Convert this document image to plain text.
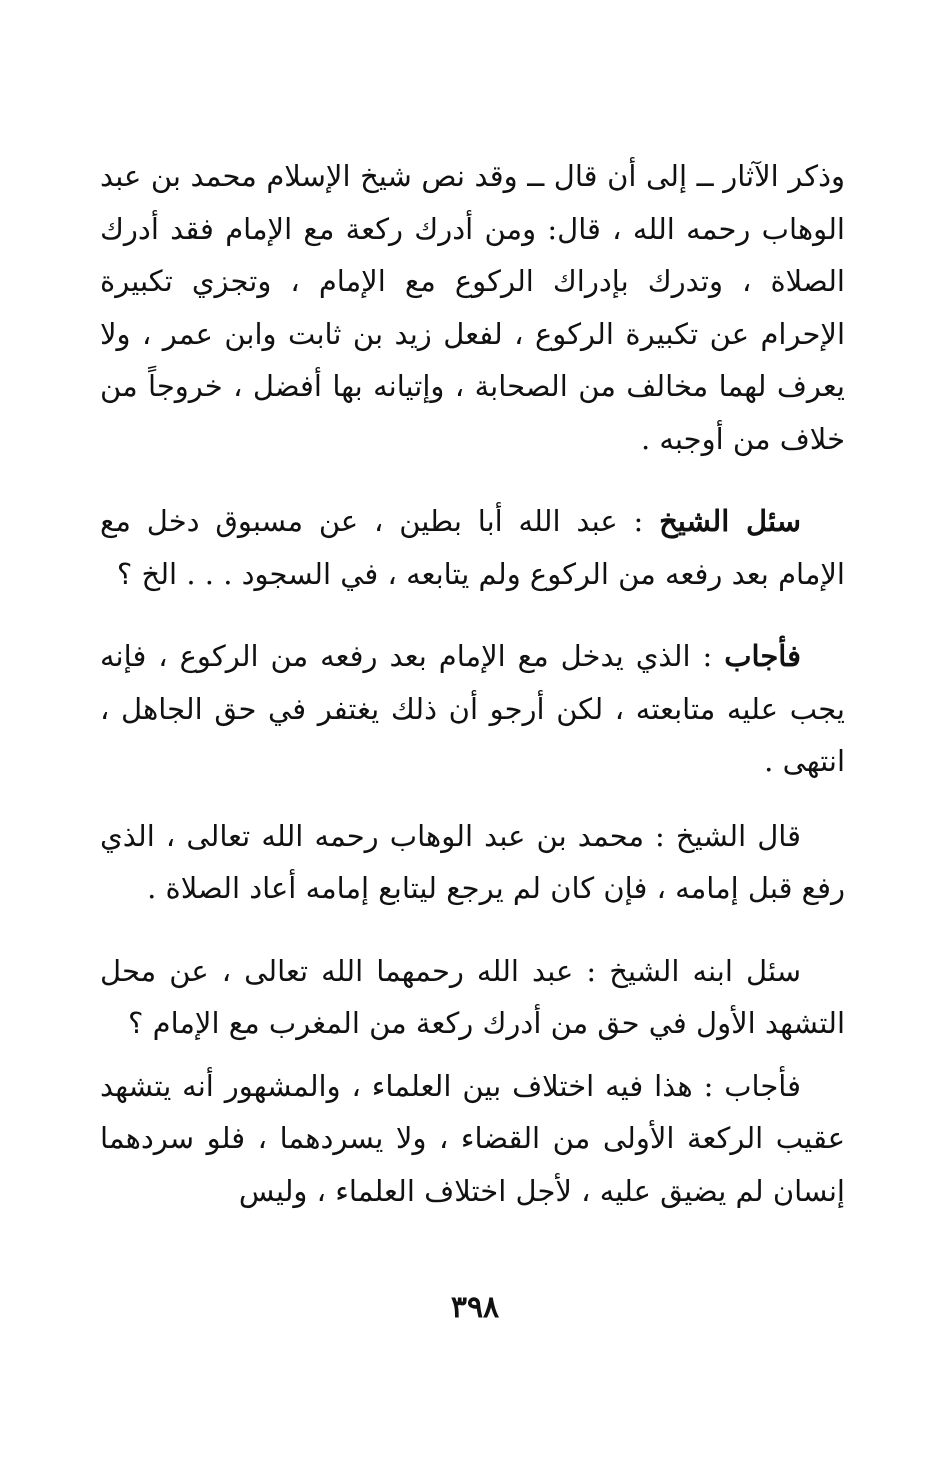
وذكر الآثار ــ إلى أن قال ــ وقد نص شيخ الإسلام محمد بن عبد الوهاب رحمه الله ، قال: ومن أدرك ركعة مع الإمام فقد أدرك الصلاة ، وتدرك بإدراك الركوع مع الإمام ، وتجزي تكبيرة الإحرام عن تكبيرة الركوع ، لفعل زيد بن ثابت وابن عمر ، ولا يعرف لهما مخالف من الصحابة ، وإتيانه بها أفضل ، خروجاً من خلاف من أوجبه .

سئل الشيخ : عبد الله أبا بطين ، عن مسبوق دخل مع الإمام بعد رفعه من الركوع ولم يتابعه ، في السجود . . . الخ ؟

فأجاب : الذي يدخل مع الإمام بعد رفعه من الركوع ، فإنه يجب عليه متابعته ، لكن أرجو أن ذلك يغتفر في حق الجاهل ، انتهى .

قال الشيخ : محمد بن عبد الوهاب رحمه الله تعالى ، الذي رفع قبل إمامه ، فإن كان لم يرجع ليتابع إمامه أعاد الصلاة .

سئل ابنه الشيخ : عبد الله رحمهما الله تعالى ، عن محل التشهد الأول في حق من أدرك ركعة من المغرب مع الإمام ؟

فأجاب : هذا فيه اختلاف بين العلماء ، والمشهور أنه يتشهد عقيب الركعة الأولى من القضاء ، ولا يسردهما ، فلو سردهما إنسان لم يضيق عليه ، لأجل اختلاف العلماء ، وليس

٣٩٨
